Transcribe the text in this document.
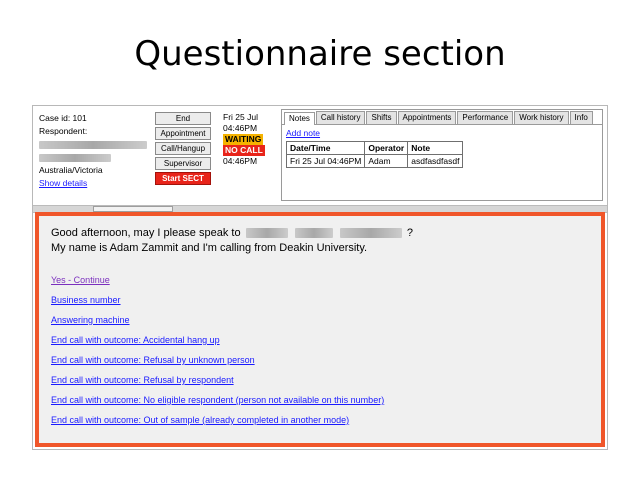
Questionnaire section
Case id: 101
Respondent:
Australia/Victoria
Show details
End
Appointment
Call/Hangup
Supervisor
Start SECT
Fri 25 Jul
04:46PM
WAITING
NO CALL
04:46PM
Notes	Call history	Shifts	Appointments	Performance	Work history	Info
Add note
Date/Time	Operator	Note
Fri 25 Jul 04:46PM	Adam	asdfasdfasdf
Good afternoon, may I please speak to	?
My name is Adam Zammit and I'm calling from Deakin University.
Yes - Continue
Business number
Answering machine
End call with outcome: Accidental hang up
End call with outcome: Refusal by unknown person
End call with outcome: Refusal by respondent
End call with outcome: No eligible respondent (person not available on this number)
End call with outcome: Out of sample (already completed in another mode)
